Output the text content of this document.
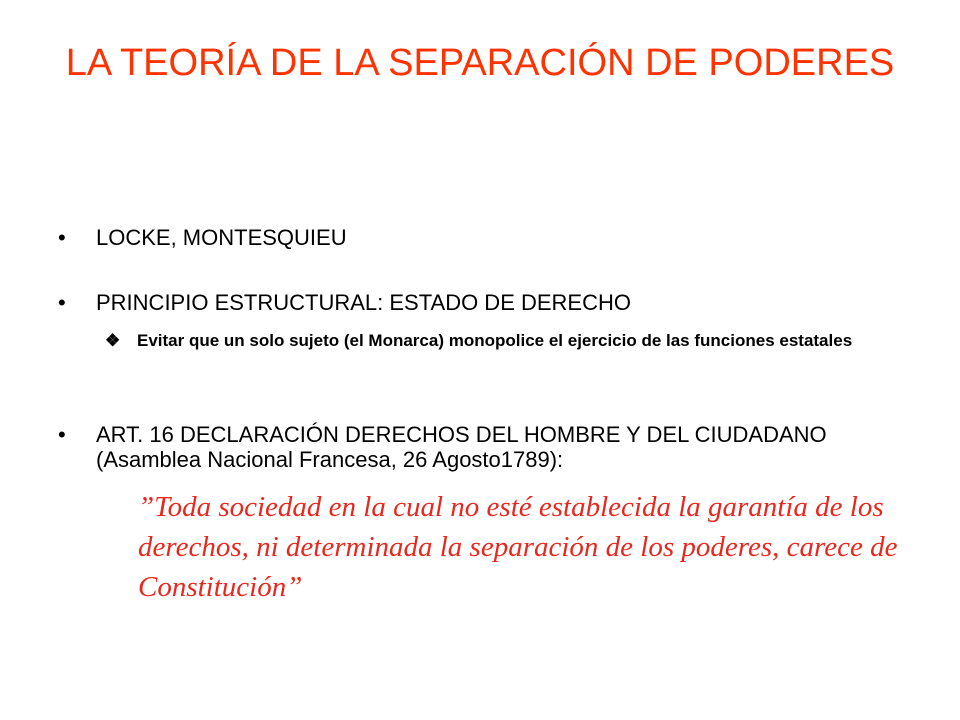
LA TEORÍA DE LA SEPARACIÓN DE PODERES
• LOCKE, MONTESQUIEU
• PRINCIPIO ESTRUCTURAL: ESTADO DE DERECHO
❖ Evitar que un solo sujeto (el Monarca) monopolice el ejercicio de las funciones estatales
• ART. 16 DECLARACIÓN DERECHOS DEL HOMBRE Y DEL CIUDADANO (Asamblea Nacional Francesa, 26 Agosto1789):
”Toda sociedad en la cual no esté establecida la garantía de los derechos, ni determinada la separación de los poderes, carece de Constitución”
